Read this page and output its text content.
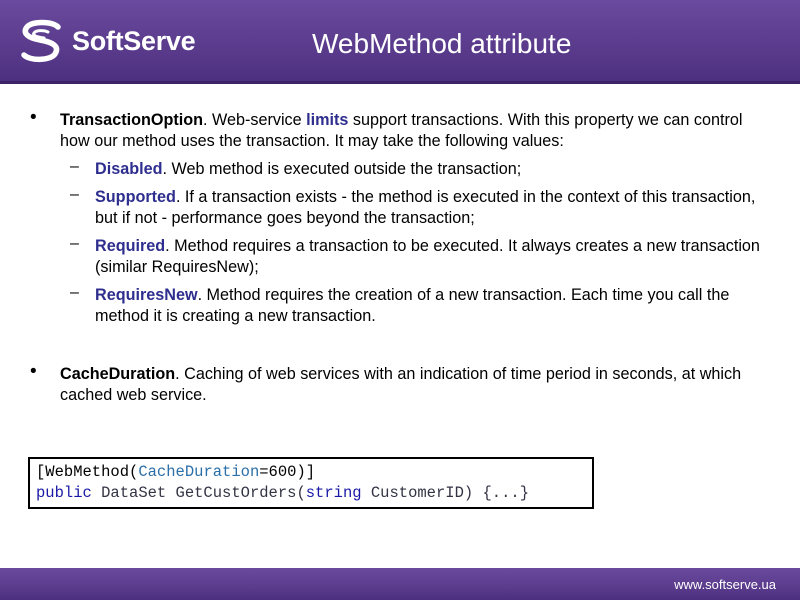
SoftServe	WebMethod attribute
• TransactionOption. Web-service limits support transactions. With this property we can control how our method uses the transaction. It may take the following values:
– Disabled. Web method is executed outside the transaction;
– Supported. If a transaction exists - the method is executed in the context of this transaction, but if not - performance goes beyond the transaction;
– Required. Method requires a transaction to be executed. It always creates a new transaction (similar RequiresNew);
– RequiresNew. Method requires the creation of a new transaction. Each time you call the method it is creating a new transaction.
• CacheDuration. Caching of web services with an indication of time period in seconds, at which cached web service.
[WebMethod(CacheDuration=600)]
public DataSet GetCustOrders(string CustomerID) {...}
www.softserve.ua
